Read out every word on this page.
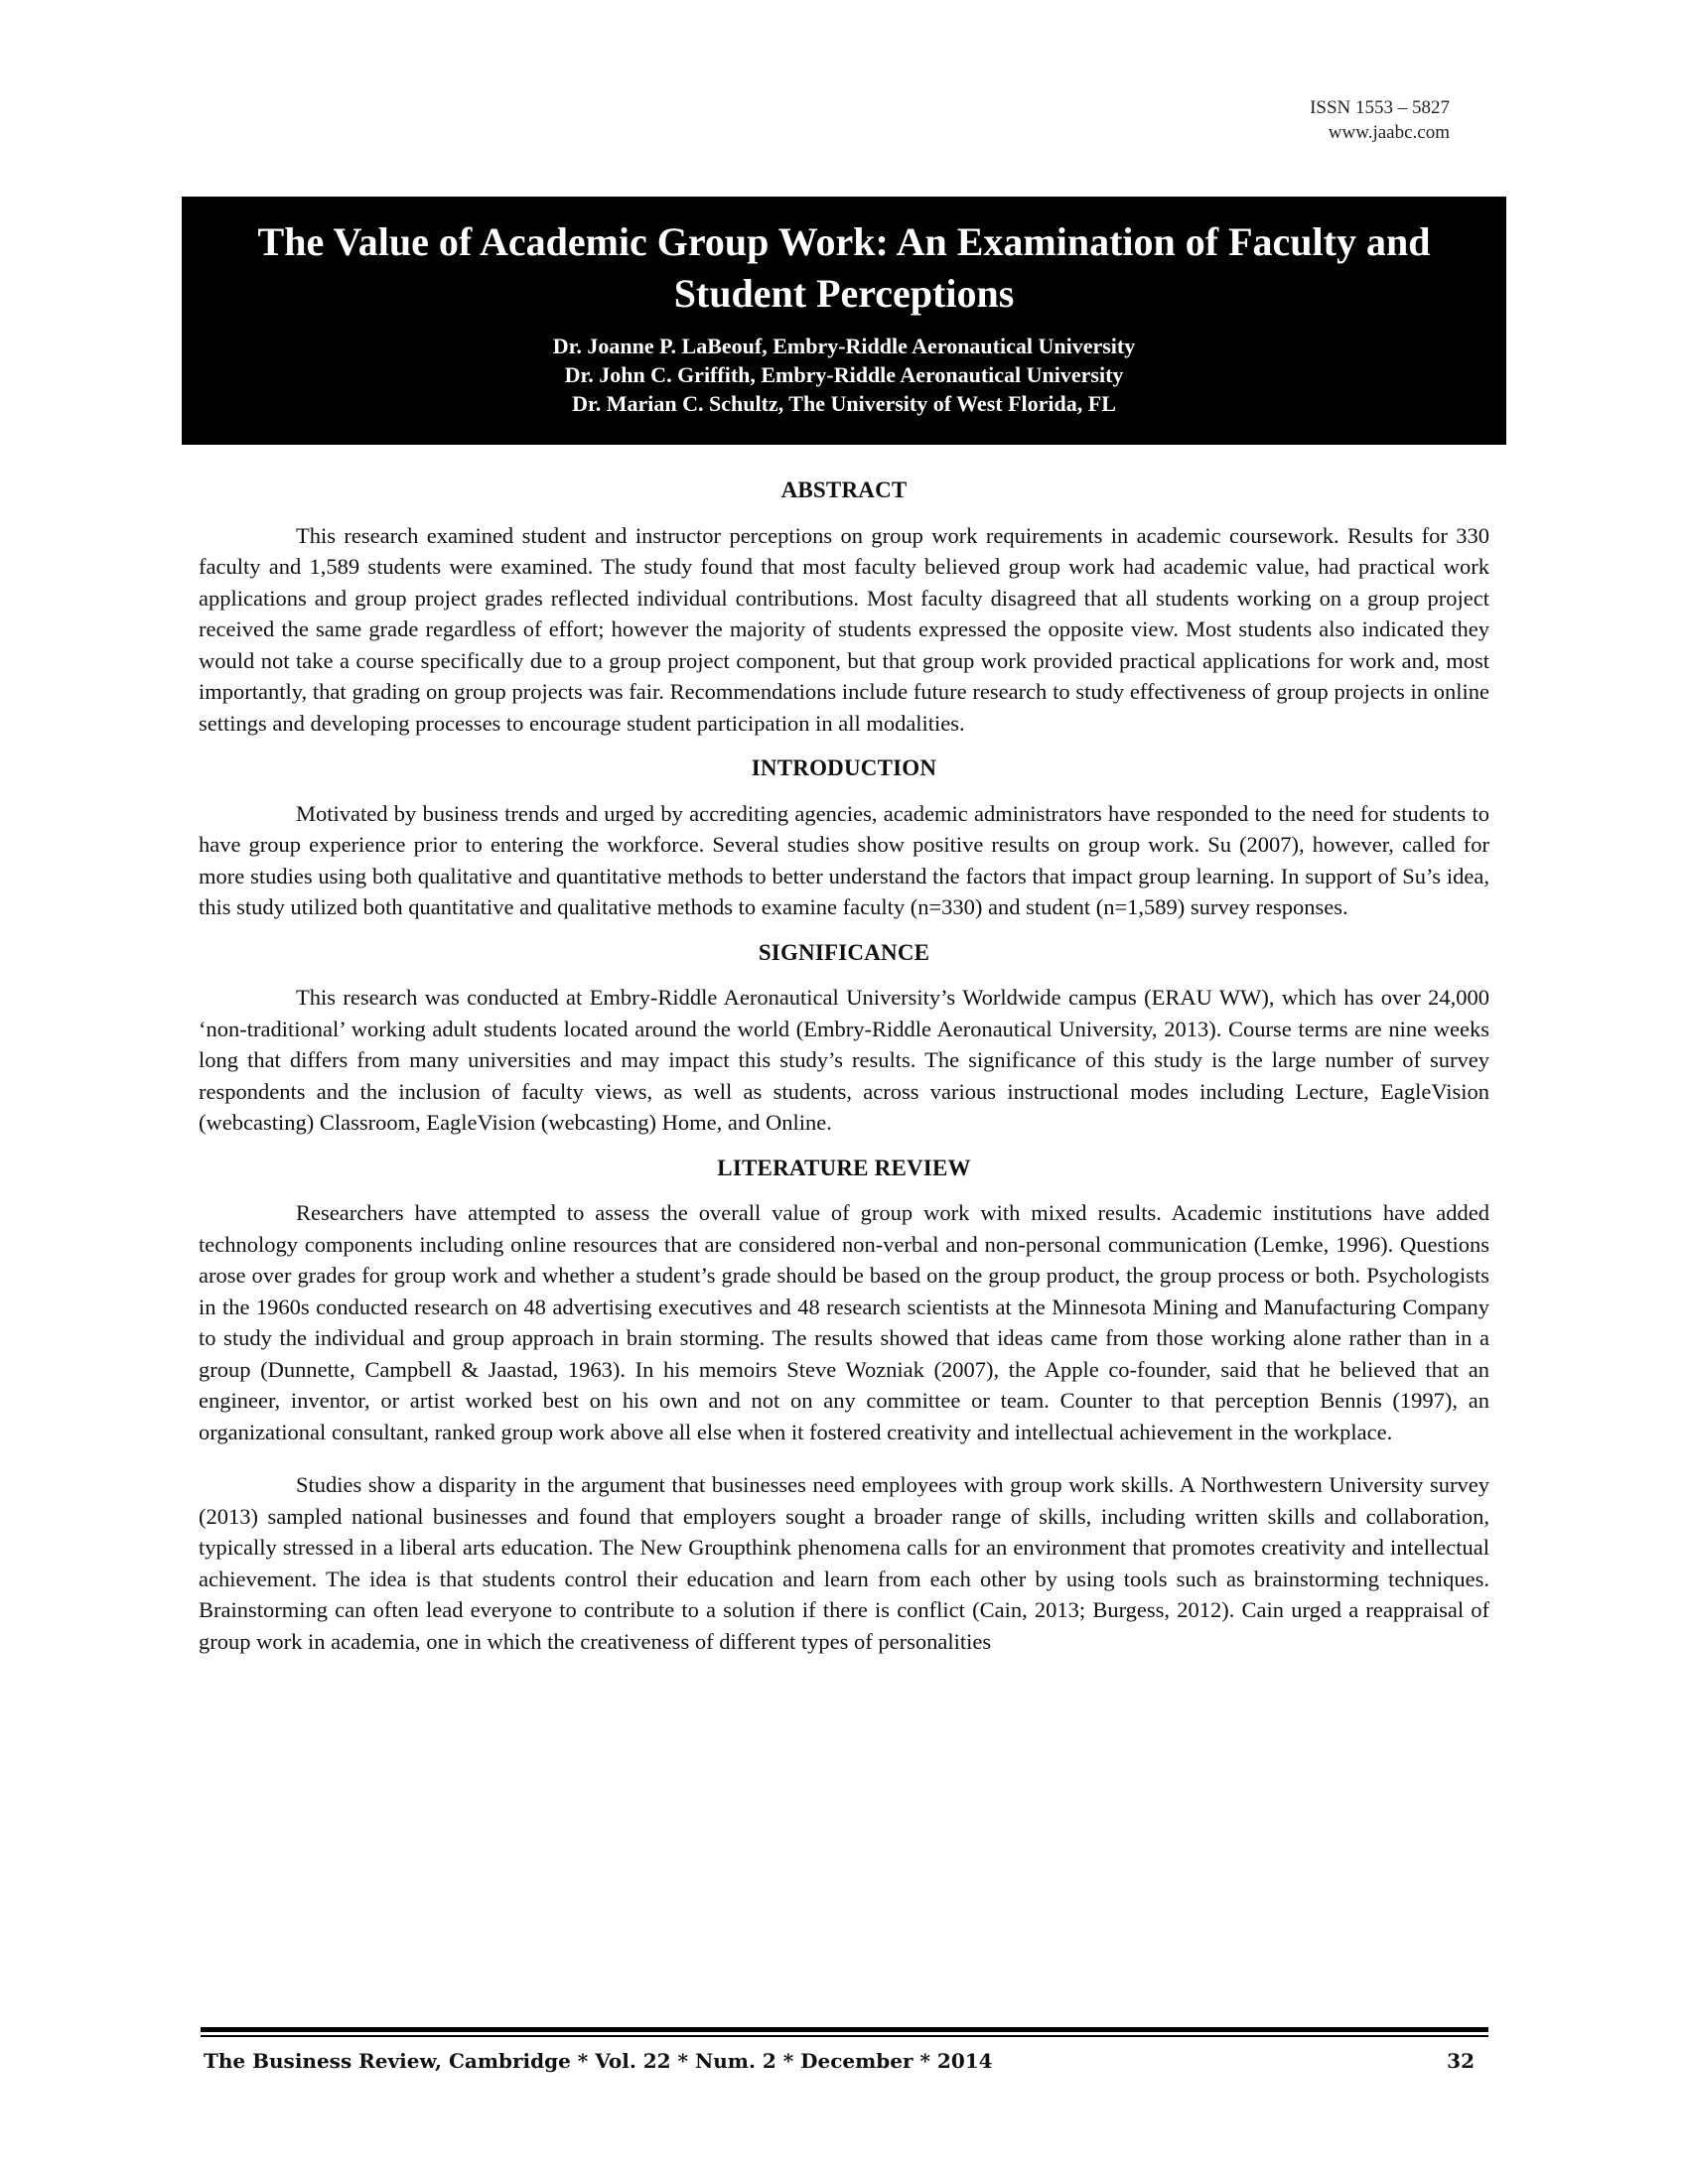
ISSN 1553 – 5827
www.jaabc.com
The Value of Academic Group Work: An Examination of Faculty and Student Perceptions
Dr. Joanne P. LaBeouf, Embry-Riddle Aeronautical University
Dr. John C. Griffith, Embry-Riddle Aeronautical University
Dr. Marian C. Schultz, The University of West Florida, FL
ABSTRACT

This research examined student and instructor perceptions on group work requirements in academic coursework. Results for 330 faculty and 1,589 students were examined. The study found that most faculty believed group work had academic value, had practical work applications and group project grades reflected individual contributions. Most faculty disagreed that all students working on a group project received the same grade regardless of effort; however the majority of students expressed the opposite view. Most students also indicated they would not take a course specifically due to a group project component, but that group work provided practical applications for work and, most importantly, that grading on group projects was fair. Recommendations include future research to study effectiveness of group projects in online settings and developing processes to encourage student participation in all modalities.

INTRODUCTION

Motivated by business trends and urged by accrediting agencies, academic administrators have responded to the need for students to have group experience prior to entering the workforce. Several studies show positive results on group work. Su (2007), however, called for more studies using both qualitative and quantitative methods to better understand the factors that impact group learning. In support of Su’s idea, this study utilized both quantitative and qualitative methods to examine faculty (n=330) and student (n=1,589) survey responses.

SIGNIFICANCE

This research was conducted at Embry-Riddle Aeronautical University’s Worldwide campus (ERAU WW), which has over 24,000 ‘non-traditional’ working adult students located around the world (Embry-Riddle Aeronautical University, 2013). Course terms are nine weeks long that differs from many universities and may impact this study’s results. The significance of this study is the large number of survey respondents and the inclusion of faculty views, as well as students, across various instructional modes including Lecture, EagleVision (webcasting) Classroom, EagleVision (webcasting) Home, and Online.

LITERATURE REVIEW

Researchers have attempted to assess the overall value of group work with mixed results. Academic institutions have added technology components including online resources that are considered non-verbal and non-personal communication (Lemke, 1996). Questions arose over grades for group work and whether a student’s grade should be based on the group product, the group process or both. Psychologists in the 1960s conducted research on 48 advertising executives and 48 research scientists at the Minnesota Mining and Manufacturing Company to study the individual and group approach in brain storming. The results showed that ideas came from those working alone rather than in a group (Dunnette, Campbell & Jaastad, 1963). In his memoirs Steve Wozniak (2007), the Apple co-founder, said that he believed that an engineer, inventor, or artist worked best on his own and not on any committee or team. Counter to that perception Bennis (1997), an organizational consultant, ranked group work above all else when it fostered creativity and intellectual achievement in the workplace.

Studies show a disparity in the argument that businesses need employees with group work skills. A Northwestern University survey (2013) sampled national businesses and found that employers sought a broader range of skills, including written skills and collaboration, typically stressed in a liberal arts education. The New Groupthink phenomena calls for an environment that promotes creativity and intellectual achievement. The idea is that students control their education and learn from each other by using tools such as brainstorming techniques. Brainstorming can often lead everyone to contribute to a solution if there is conflict (Cain, 2013; Burgess, 2012). Cain urged a reappraisal of group work in academia, one in which the creativeness of different types of personalities

The Business Review, Cambridge * Vol. 22 * Num. 2 * December * 2014	32
